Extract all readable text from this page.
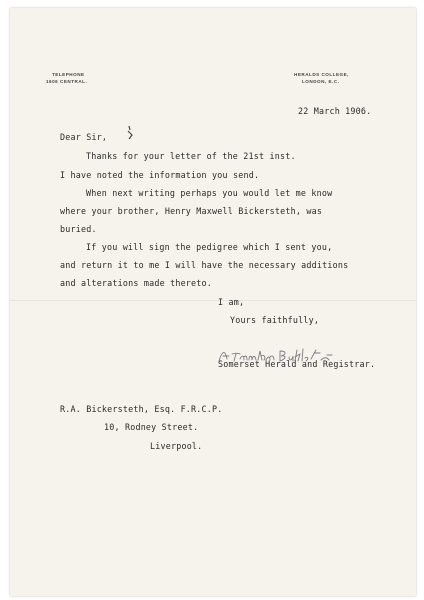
TELEPHONE
1606 CENTRAL.
HERALDS COLLEGE,
LONDON, E.C.
22 March 1906.
Dear Sir,
Thanks for your letter of the 21st inst.
I have noted the information you send.
When next writing perhaps you would let me know
where your brother, Henry Maxwell Bickersteth, was
buried.
If you will sign the pedigree which I sent you,
and return it to me I will have the necessary additions
and alterations made thereto.
I am,
Yours faithfully,
Somerset Herald and Registrar.
R.A. Bickersteth, Esq. F.R.C.P.
10, Rodney Street.
Liverpool.
